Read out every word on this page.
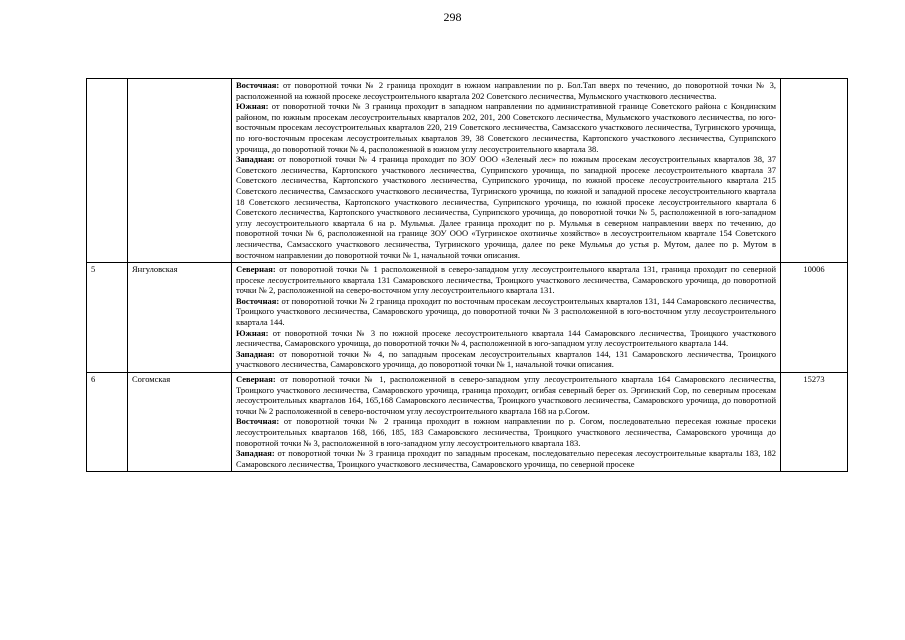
298

		Восточная: от поворотной точки № 2 граница проходит в южном направлении по р. Бол.Тап вверх по течению, до поворотной точки № 3, расположенной на южной просеке лесоустроительного квартала 202 Советского лесничества, Мульмского участкового лесничества.

Южная: от поворотной точки № 3 граница проходит в западном направлении по административной границе Советского района с Кондинским районом, по южным просекам лесоустроительных кварталов 202, 201, 200 Советского лесничества, Мульмского участкового лесничества, по юго-восточным просекам лесоустроительных кварталов 220, 219 Советского лесничества, Самзасского участкового лесничества, Тугринского урочища, по юго-восточным просекам лесоустроительных кварталов 39, 38 Советского лесничества, Картопского участкового лесничества, Суприпского урочища, до поворотной точки № 4, расположенной в южном углу лесоустроительного квартала 38.

Западная: от поворотной точки № 4 граница проходит по ЗОУ ООО «Зеленый лес» по южным просекам лесоустроительных кварталов 38, 37 Советского лесничества, Картопского участкового лесничества, Суприпского урочища, по западной просеке лесоустроительного квартала 37 Советского лесничества, Картопского участкового лесничества, Суприпского урочища, по южной просеке лесоустроительного квартала 215 Советского лесничества, Самзасского участкового лесничества, Тугринского урочища, по южной и западной просеке лесоустроительного квартала 18 Советского лесничества, Картопского участкового лесничества, Суприпского урочища, по южной просеке лесоустроительного квартала 6 Советского лесничества, Картопского участкового лесничества, Суприпского урочища, до поворотной точки № 5, расположенной в юго-западном углу лесоустроительного квартала 6 на р. Мульмья. Далее граница проходит по р. Мульмья в северном направлении вверх по течению, до поворотной точки № 6, расположенной на границе ЗОУ ООО «Тугринское охотничье хозяйство» в лесоустроительном квартале 154 Советского лесничества, Самзасского участкового лесничества, Тугринского урочища, далее по реке Мульмья до устья р. Мутом, далее по р. Мутом в восточном направлении до поворотной точки № 1, начальной точки описания.	

5	Янгуловская	Северная: от поворотной точки № 1 расположенной в северо-западном углу лесоустроительного квартала 131, граница проходит по северной просеке лесоустроительного квартала 131 Самаровского лесничества, Троицкого участкового лесничества, Самаровского урочища, до поворотной точки № 2, расположенной на северо-восточном углу лесоустроительного квартала 131.

Восточная: от поворотной точки № 2 граница проходит по восточным просекам лесоустроительных кварталов 131, 144 Самаровского лесничества, Троицкого участкового лесничества, Самаровского урочища, до поворотной точки № 3 расположенной в юго-восточном углу лесоустроительного квартала 144.

Южная: от поворотной точки № 3 по южной просеке лесоустроительного квартала 144 Самаровского лесничества, Троицкого участкового лесничества, Самаровского урочища, до поворотной точки № 4, расположенной в юго-западном углу лесоустроительного квартала 144.

Западная: от поворотной точки № 4, по западным просекам лесоустроительных кварталов 144, 131 Самаровского лесничества, Троицкого участкового лесничества, Самаровского урочища, до поворотной точки № 1, начальной точки описания.	10006
6	Согомская	Северная: от поворотной точки № 1, расположенной в северо-западном углу лесоустроительного квартала 164 Самаровского лесничества, Троицкого участкового лесничества, Самаровского урочища, граница проходит, огибая северный берег оз. Эргинский Сор, по северным просекам лесоустроительных кварталов 164, 165,168 Самаровского лесничества, Троицкого участкового лесничества, Самаровского урочища, до поворотной точки № 2 расположенной в северо-восточном углу лесоустроительного квартала 168 на р.Согом.

Восточная: от поворотной точки № 2 граница проходит в южном направлении по р. Согом, последовательно пересекая южные просеки лесоустроительных кварталов 168, 166, 185, 183 Самаровского лесничества, Троицкого участкового лесничества, Самаровского урочища до поворотной точки № 3, расположенной в юго-западном углу лесоустроительного квартала 183.

Западная: от поворотной точки № 3 граница проходит по западным просекам, последовательно пересекая лесоустроительные кварталы 183, 182 Самаровского лесничества, Троицкого участкового лесничества, Самаровского урочища, по северной просеке	15273
